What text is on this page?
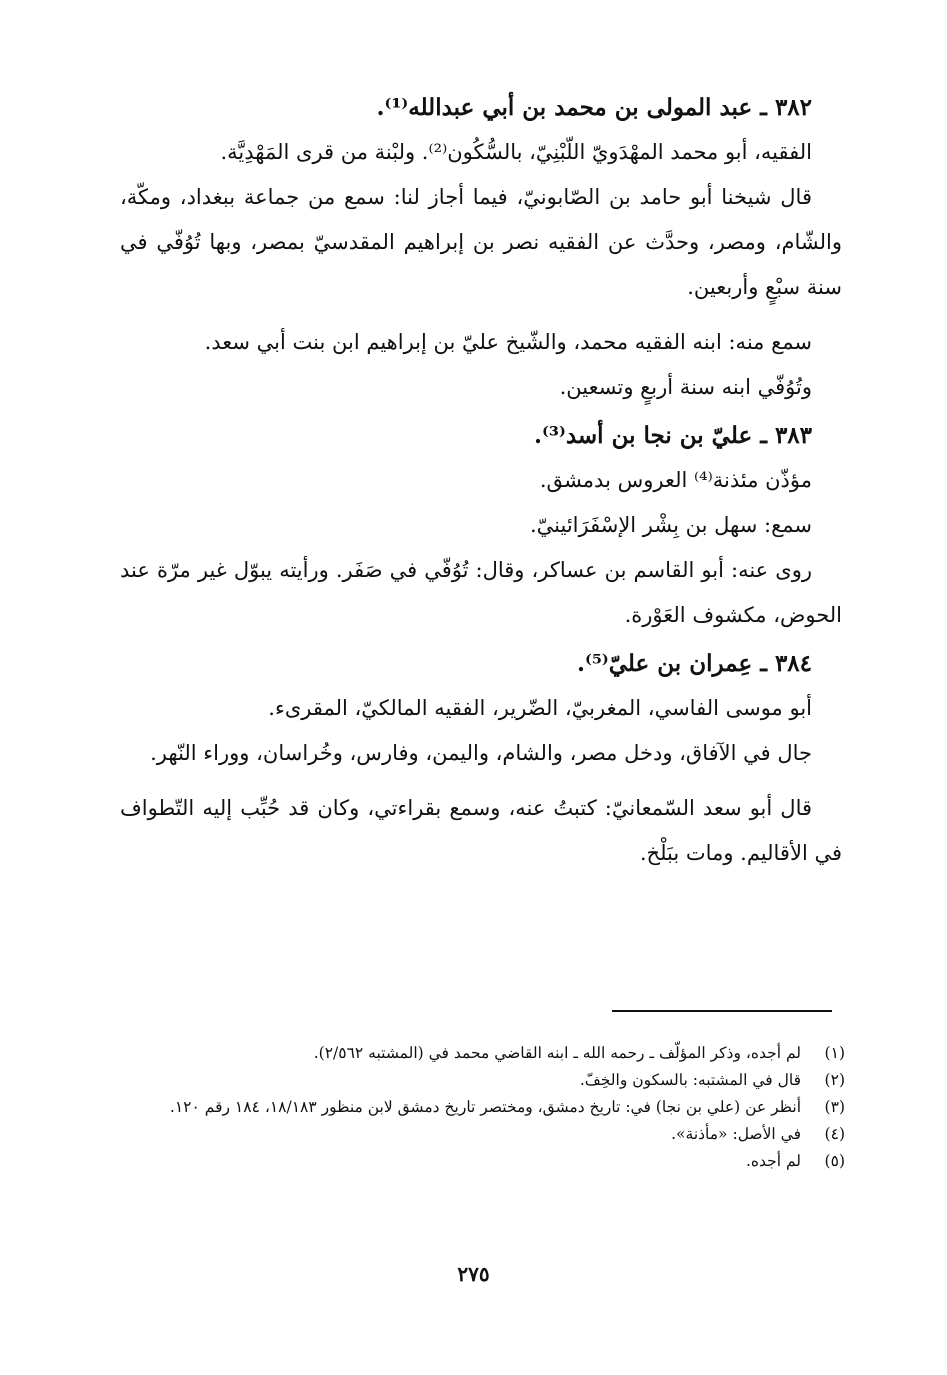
٣٨٢ ـ عبد المولى بن محمد بن أبي عبدالله⁽¹⁾.

الفقيه، أبو محمد المهْدَويّ اللّبْنِيّ، بالسُّكُون⁽²⁾. ولبْنة من قرى المَهْدِيَّة.

قال شيخنا أبو حامد بن الصّابونيّ، فيما أجاز لنا: سمع من جماعة ببغداد، ومكّة، والشّام، ومصر، وحدَّث عن الفقيه نصر بن إبراهيم المقدسيّ بمصر، وبها تُوُفّي في سنة سبْعٍ وأربعين.

سمع منه: ابنه الفقيه محمد، والشّيخ عليّ بن إبراهيم ابن بنت أبي سعد.

وتُوُفّي ابنه سنة أربعٍ وتسعين.

٣٨٣ ـ عليّ بن نجا بن أسد⁽³⁾.

مؤذّن مئذنة⁽⁴⁾ العروس بدمشق.

سمع: سهل بن بِشْر الإسْفَرَائينيّ.

روى عنه: أبو القاسم بن عساكر، وقال: تُوُفّي في صَفَر. ورأيته يبوّل غير مرّة عند الحوض، مكشوف العَوْرة.

٣٨٤ ـ عِمران بن عليّ⁽⁵⁾.

أبو موسى الفاسي، المغربيّ، الضّرير، الفقيه المالكيّ، المقرىء.

جال في الآفاق، ودخل مصر، والشام، واليمن، وفارس، وخُراسان، ووراء النّهر.

قال أبو سعد السّمعانيّ: كتبتُ عنه، وسمع بقراءتي، وكان قد حُبِّب إليه التّطواف في الأقاليم. ومات ببَلْخ.

(١)
لم أجده، وذكر المؤلّف ـ رحمه الله ـ ابنه القاضي محمد في (المشتبه ٢/٥٦٢).
(٢)
قال في المشتبه: بالسكون والخِفّ.
(٣)
أنظر عن (علي بن نجا) في: تاريخ دمشق، ومختصر تاريخ دمشق لابن منظور ١٨/١٨٣، ١٨٤ رقم ١٢٠.
(٤)
في الأصل: «مأذنة».
(٥)
لم أجده.
٢٧٥
